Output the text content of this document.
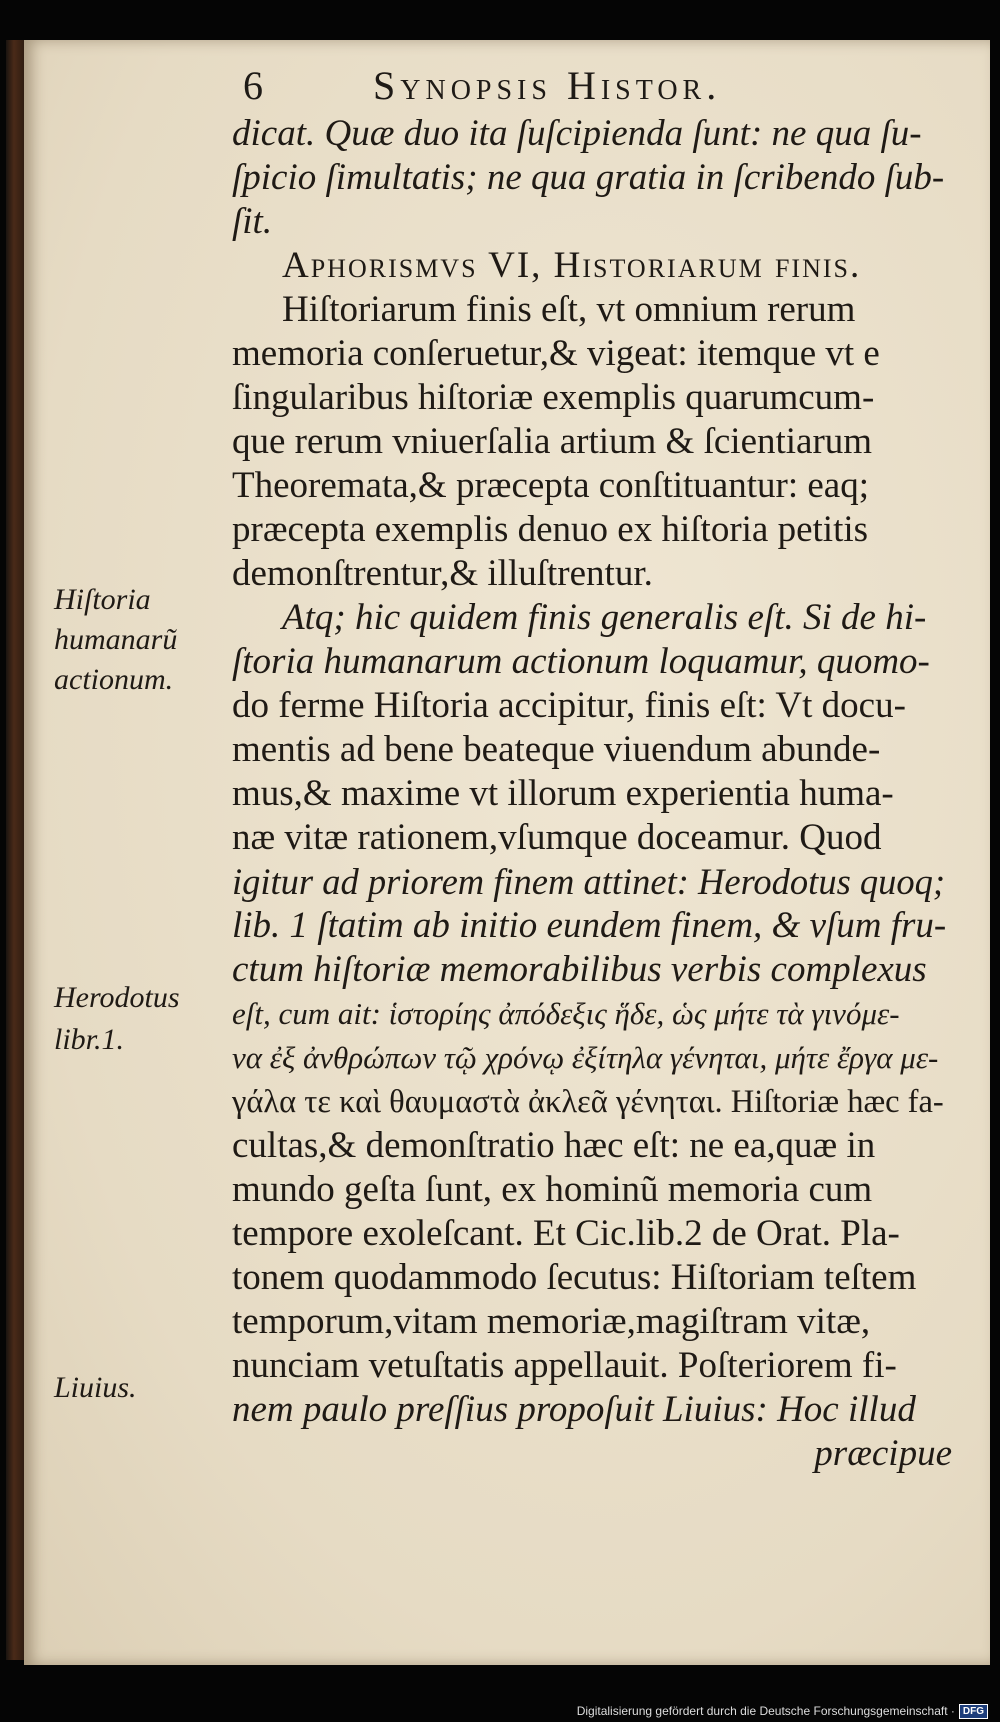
6	Synopsis Histor.
dicat. Quæ duo ita ſuſcipienda ſunt: ne qua ſu-
ſpicio ſimultatis; ne qua gratia in ſcribendo ſub-
ſit.
Aphorismvs VI, Hiſtoriarum finis.
Hiſtoriarum finis eſt, vt omnium rerum
memoria conſeruetur,& vigeat: itemque vt e
ſingularibus hiſtoriæ exemplis quarumcum-
que rerum vniuerſalia artium & ſcientiarum
Theoremata,& præcepta conſtituantur: eaq;
præcepta exemplis denuo ex hiſtoria petitis
demonſtrentur,& illuſtrentur.
Atq; hic quidem finis generalis eſt. Si de hi-
ſtoria humanarum actionum loquamur, quomo-
do ferme Hiſtoria accipitur, finis eſt: Vt docu-
mentis ad bene beateque viuendum abunde-
mus,& maxime vt illorum experientia huma-
næ vitæ rationem,vſumque doceamur. Quod
igitur ad priorem finem attinet: Herodotus quoq;
lib. 1 ſtatim ab initio eundem finem, & vſum fru-
ctum hiſtoriæ memorabilibus verbis complexus
eſt, cum ait: ἱστορίης ἀπόδεξις ἥδε, ὡς μήτε τὰ γινόμε-
να ἐξ ἀνθρώπων τῷ χρόνῳ ἐξίτηλα γένηται, μήτε ἔργα με-
γάλα τε καὶ θαυμαστὰ ἀκλεᾶ γένηται. Hiſtoriæ hæc fa-
cultas,& demonſtratio hæc eſt: ne ea,quæ in
mundo geſta ſunt, ex hominũ memoria cum
tempore exoleſcant. Et Cic.lib.2 de Orat. Pla-
tonem quodammodo ſecutus: Hiſtoriam teſtem
temporum,vitam memoriæ,magiſtram vitæ,
nunciam vetuſtatis appellauit. Poſteriorem fi-
nem paulo preſſius propoſuit Liuius: Hoc illud
præcipue
Hiſtoria
humanarũ
actionum.
Herodotus
libr.1.
Liuius.
Digitalisierung gefördert durch die Deutsche Forschungsgemeinschaft · DFG
